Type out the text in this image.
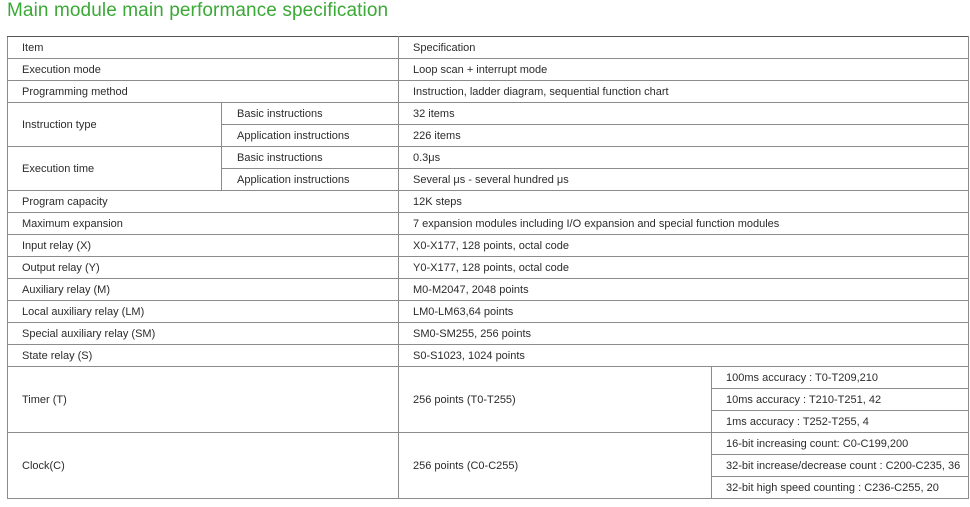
Main module main performance specification
Item		Specification	
Execution mode		Loop scan + interrupt mode	
Programming method		Instruction, ladder diagram, sequential function chart	
Instruction type	Basic instructions	32 items	
	Application instructions	226 items	
Execution time	Basic instructions	0.3μs	
	Application instructions	Several μs - several hundred μs	
Program capacity		12K steps	
Maximum expansion		7 expansion modules including I/O expansion and special function modules	
Input relay (X)		X0-X177, 128 points, octal code	
Output relay (Y)		Y0-X177, 128 points, octal code	
Auxiliary relay (M)		M0-M2047, 2048 points	
Local auxiliary relay (LM)		LM0-LM63,64 points	
Special auxiliary relay (SM)		SM0-SM255, 256 points	
State relay (S)		S0-S1023, 1024 points	
Timer (T)		256 points (T0-T255)	100ms accuracy : T0-T209,210
			10ms accuracy : T210-T251, 42
			1ms accuracy : T252-T255, 4
Clock(C)		256 points (C0-C255)	16-bit increasing count: C0-C199,200
			32-bit increase/decrease count : C200-C235, 36
			32-bit high speed counting : C236-C255, 20
